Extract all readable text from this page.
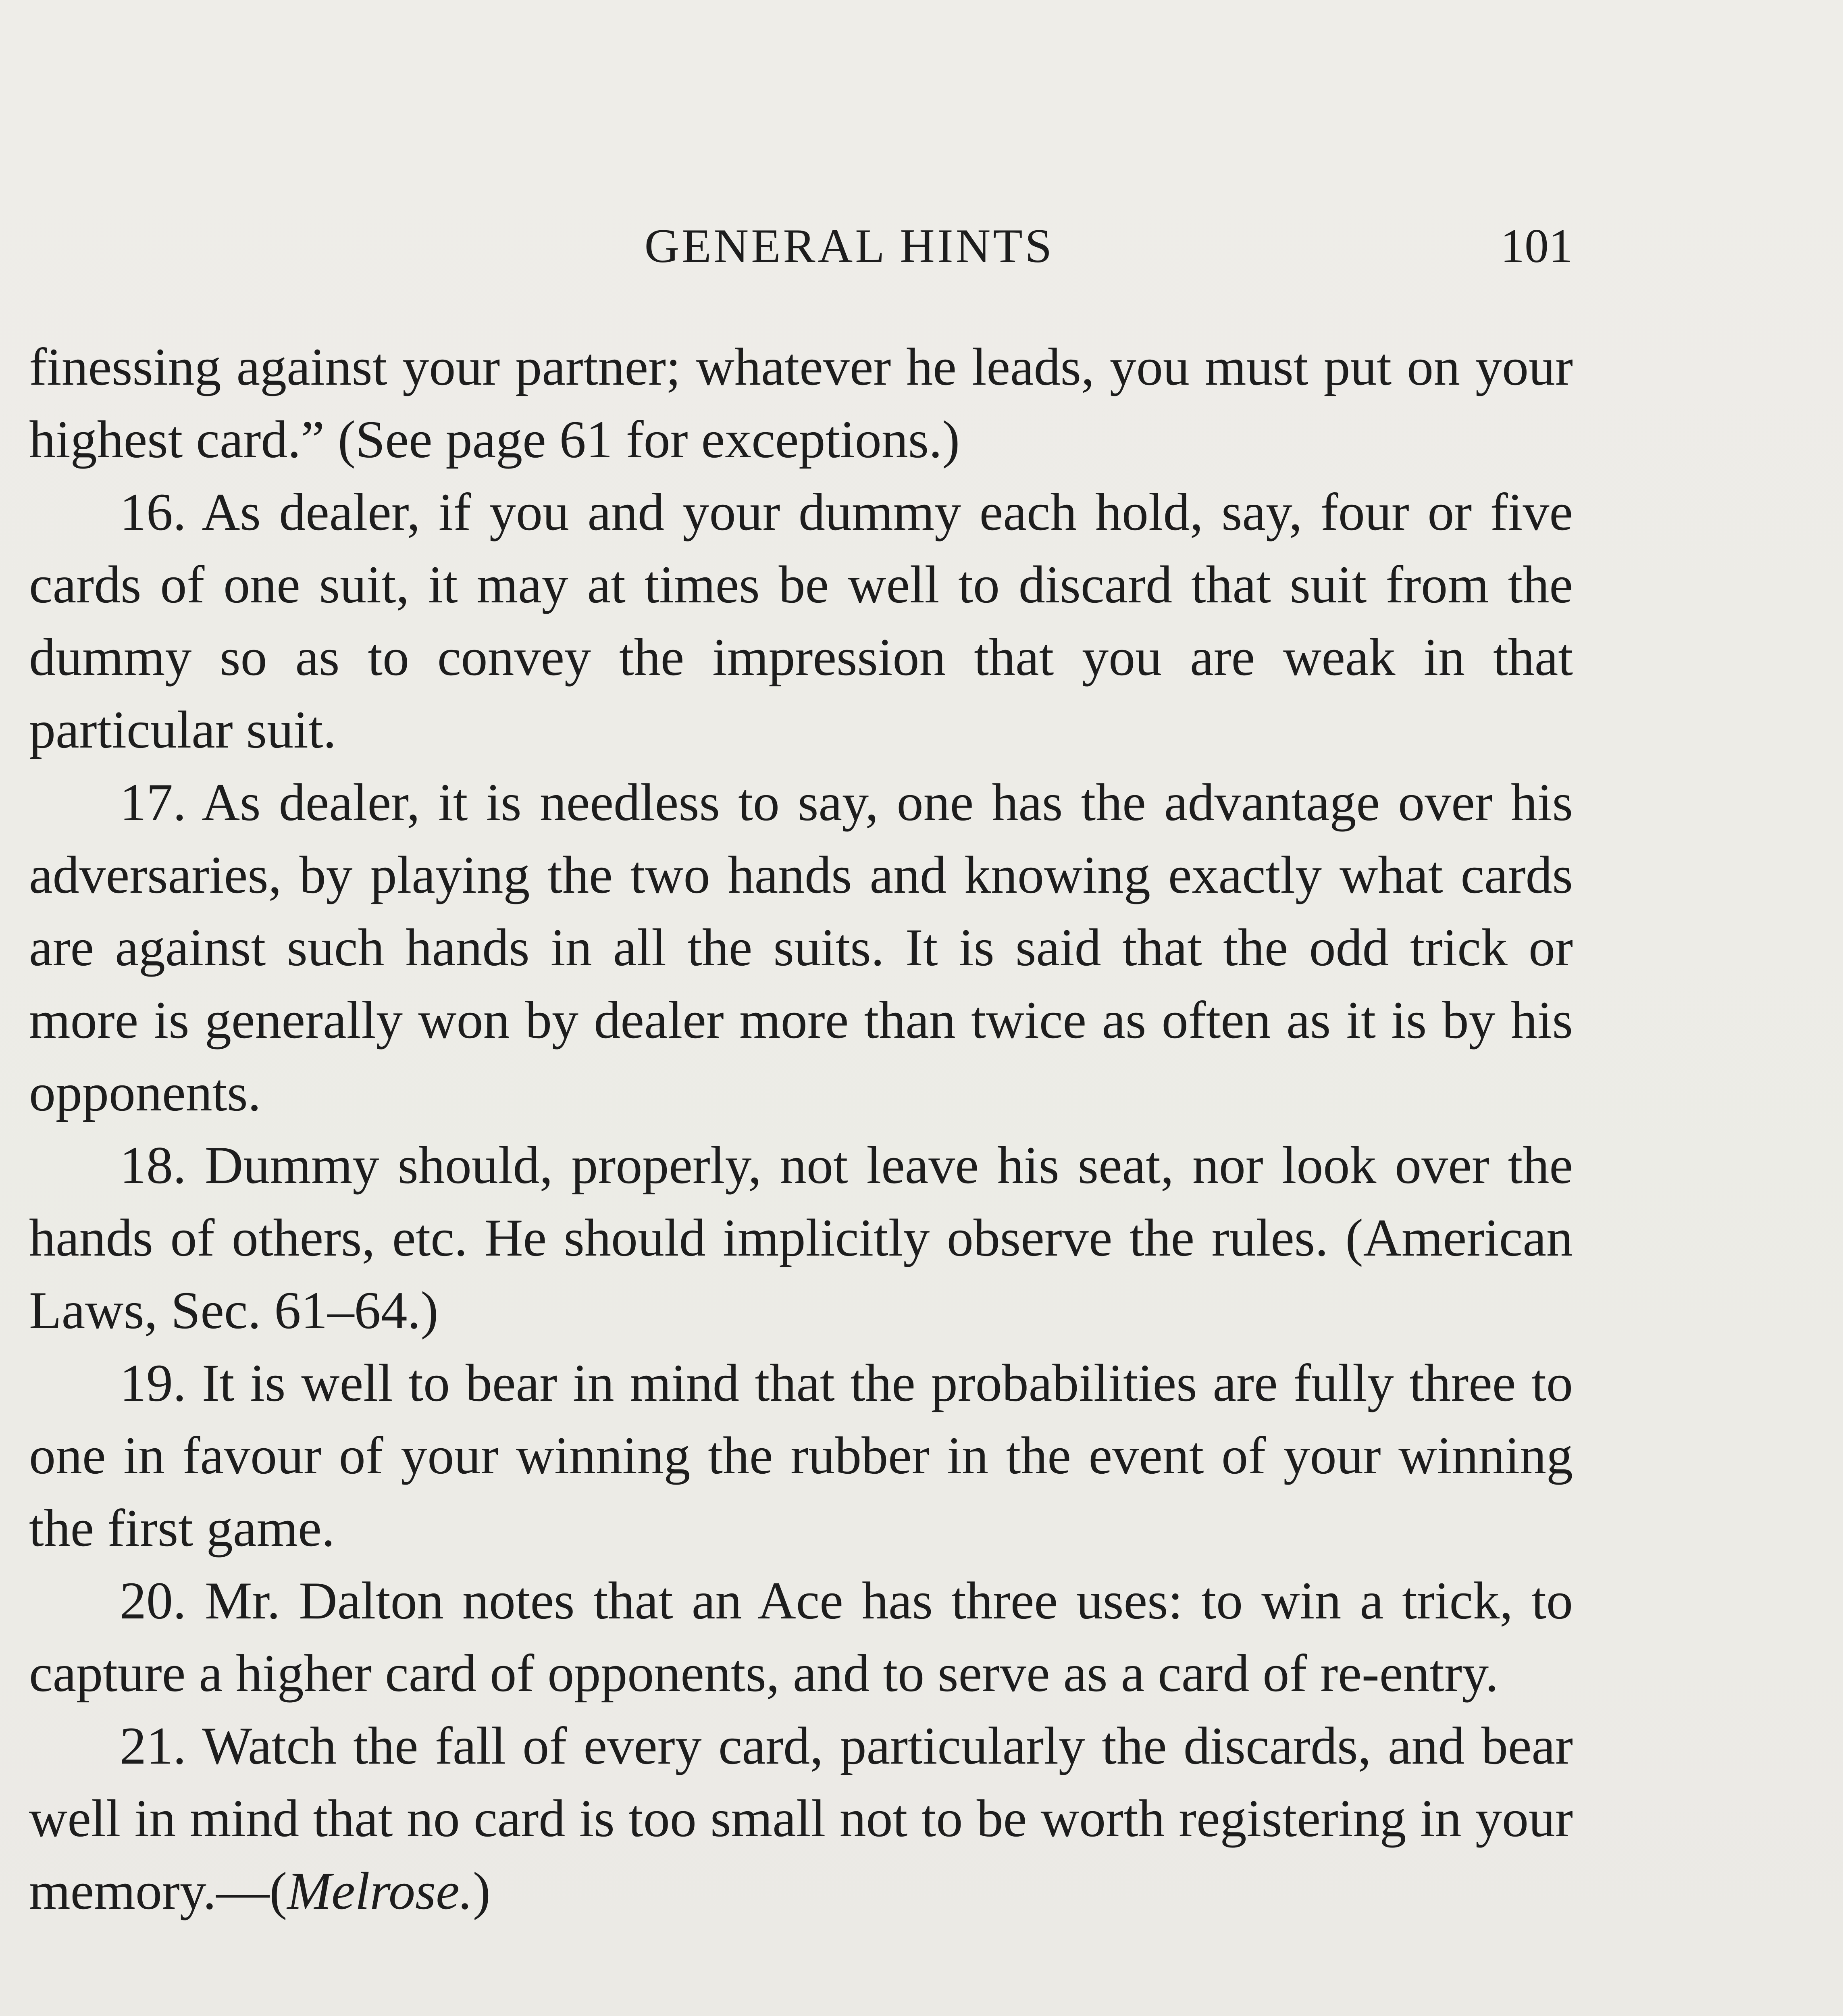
GENERAL HINTS	101

finessing against your partner; whatever he leads, you must put on your highest card.” (See page 61 for exceptions.)

16. As dealer, if you and your dummy each hold, say, four or five cards of one suit, it may at times be well to discard that suit from the dummy so as to convey the impression that you are weak in that particular suit.

17. As dealer, it is needless to say, one has the advantage over his adversaries, by playing the two hands and knowing exactly what cards are against such hands in all the suits. It is said that the odd trick or more is generally won by dealer more than twice as often as it is by his opponents.

18. Dummy should, properly, not leave his seat, nor look over the hands of others, etc. He should implicitly observe the rules. (American Laws, Sec. 61–64.)

19. It is well to bear in mind that the probabilities are fully three to one in favour of your winning the rubber in the event of your winning the first game.

20. Mr. Dalton notes that an Ace has three uses: to win a trick, to capture a higher card of opponents, and to serve as a card of re-entry.

21. Watch the fall of every card, particularly the discards, and bear well in mind that no card is too small not to be worth registering in your memory.—(Melrose.)
